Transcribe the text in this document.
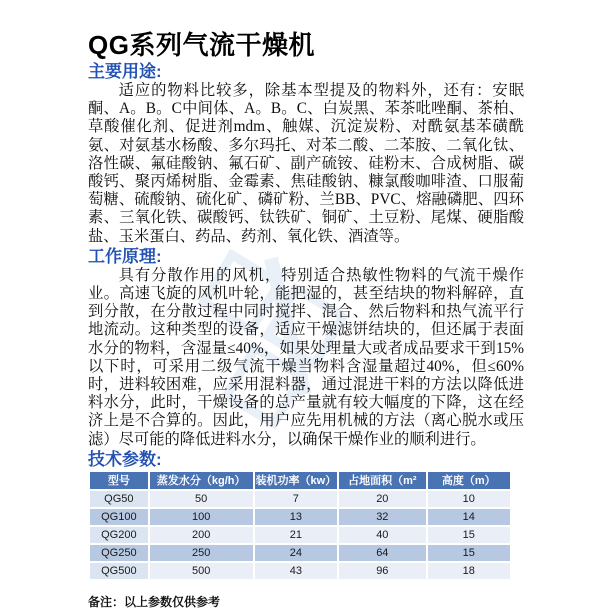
QG系列气流干燥机
主要用途:

适应的物料比较多，除基本型提及的物料外，还有：安眠酮、A。B。C中间体、A。B。C、白炭黑、苯茶吡唑酮、茶柏、草酸催化剂、促进剂mdm、触媒、沉淀炭粉、对酰氨基苯磺酰氨、对氨基水杨酸、多尔玛托、对苯二酸、二苯胺、二氧化钛、洛性碳、氟硅酸钠、氟石矿、副产硫铵、硅粉末、合成树脂、碳酸钙、聚丙烯树脂、金霉素、焦硅酸钠、糠氯酸咖啡渣、口服葡萄糖、硫酸钠、硫化矿、磷矿粉、兰BB、PVC、熔融磷肥、四环素、三氧化铁、碳酸钙、钛铁矿、铜矿、土豆粉、尾煤、硬脂酸盐、玉米蛋白、药品、药剂、氧化铁、酒渣等。

工作原理:

具有分散作用的风机，特别适合热敏性物料的气流干燥作业。高速飞旋的风机叶轮，能把湿的，甚至结块的物料解碎，直到分散，在分散过程中同时搅拌、混合、然后物料和热气流平行地流动。这种类型的设备，适应干燥滤饼结块的，但还属于表面水分的物料，含湿量≤40%，如果处理量大或者成品要求干到15%以下时，可采用二级气流干燥当物料含湿量超过40%，但≤60%时，进料较困难，应采用混料器，通过混进干料的方法以降低进料水分，此时，干燥设备的总产量就有较大幅度的下降，这在经济上是不合算的。因此，用户应先用机械的方法（离心脱水或压滤）尽可能的降低进料水分，以确保干燥作业的顺利进行。

技术参数:
型号	蒸发水分（kg/h）	装机功率（kw）	占地面积（m²	高度（m）
QG50	50	7	20	10
QG100	100	13	32	14
QG200	200	21	40	15
QG250	250	24	64	15
QG500	500	43	96	18

备注：以上参数仅供参考
